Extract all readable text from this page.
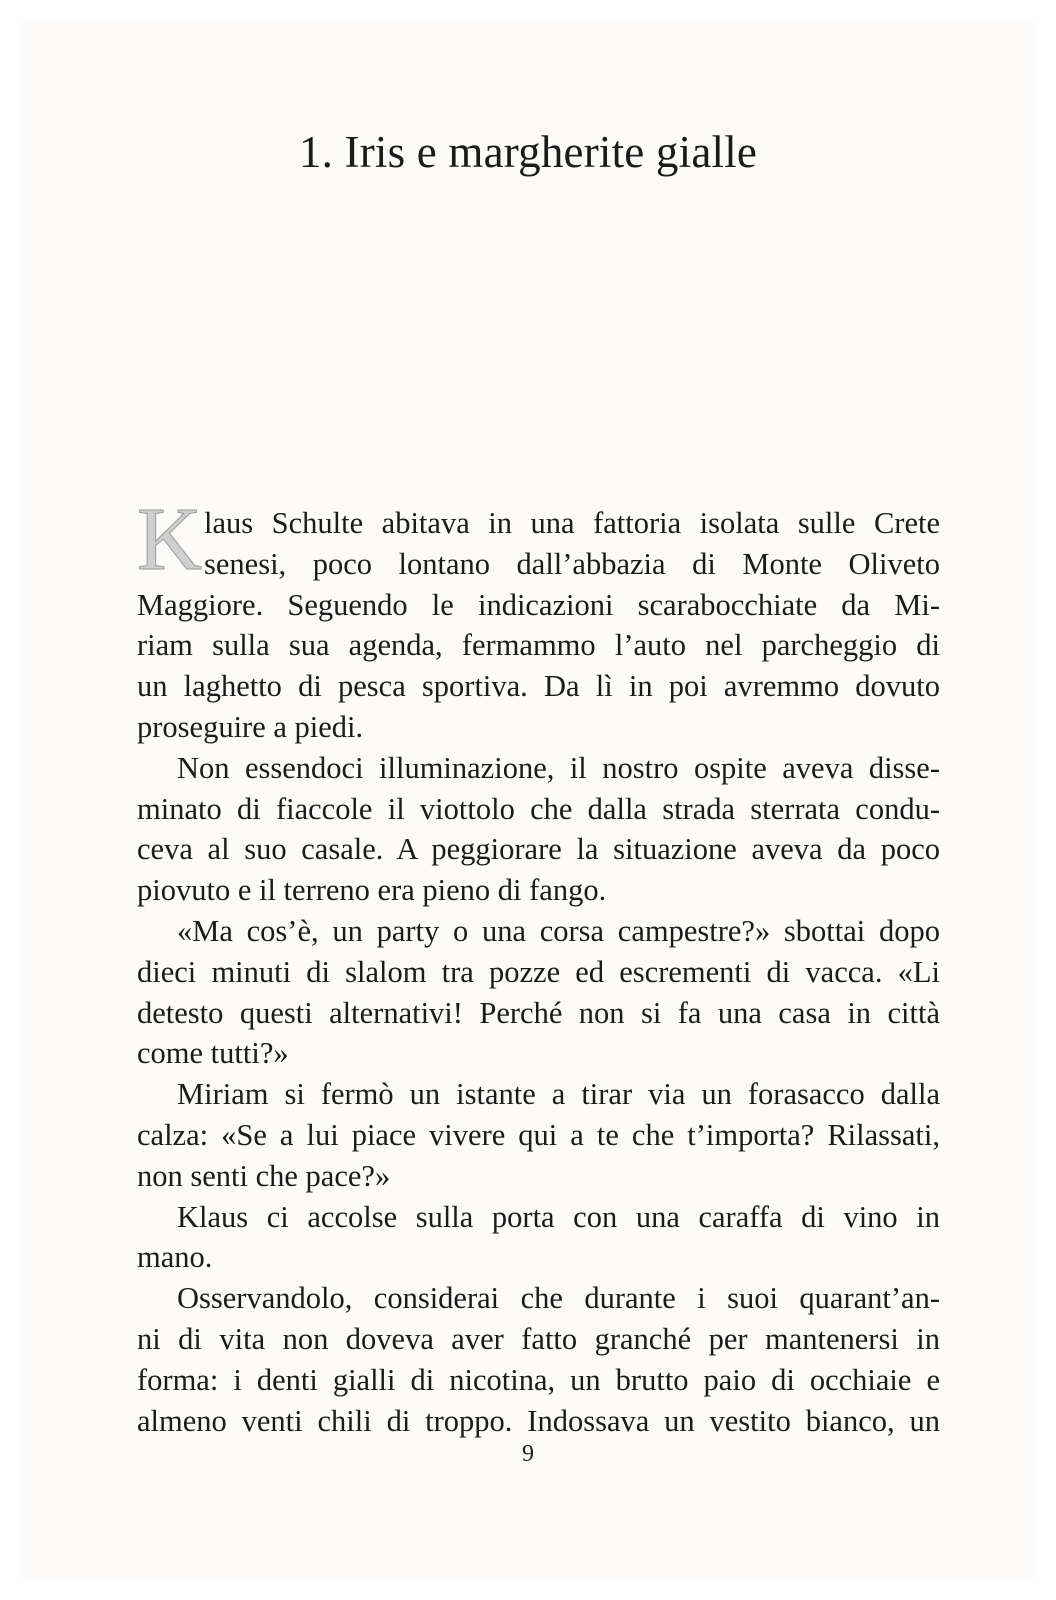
1. Iris e margherite gialle
K laus Schulte abitava in una fattoria isolata sulle Crete
senesi, poco lontano dall’abbazia di Monte Oliveto
Maggiore. Seguendo le indicazioni scarabocchiate da Mi-
riam sulla sua agenda, fermammo l’auto nel parcheggio di
un laghetto di pesca sportiva. Da lì in poi avremmo dovuto
proseguire a piedi.
Non essendoci illuminazione, il nostro ospite aveva disse-
minato di fiaccole il viottolo che dalla strada sterrata condu-
ceva al suo casale. A peggiorare la situazione aveva da poco
piovuto e il terreno era pieno di fango.
«Ma cos’è, un party o una corsa campestre?» sbottai dopo
dieci minuti di slalom tra pozze ed escrementi di vacca. «Li
detesto questi alternativi! Perché non si fa una casa in città
come tutti?»
Miriam si fermò un istante a tirar via un forasacco dalla
calza: «Se a lui piace vivere qui a te che t’importa? Rilassati,
non senti che pace?»
Klaus ci accolse sulla porta con una caraffa di vino in
mano.
Osservandolo, considerai che durante i suoi quarant’an-
ni di vita non doveva aver fatto granché per mantenersi in
forma: i denti gialli di nicotina, un brutto paio di occhiaie e
almeno venti chili di troppo. Indossava un vestito bianco, un
9
